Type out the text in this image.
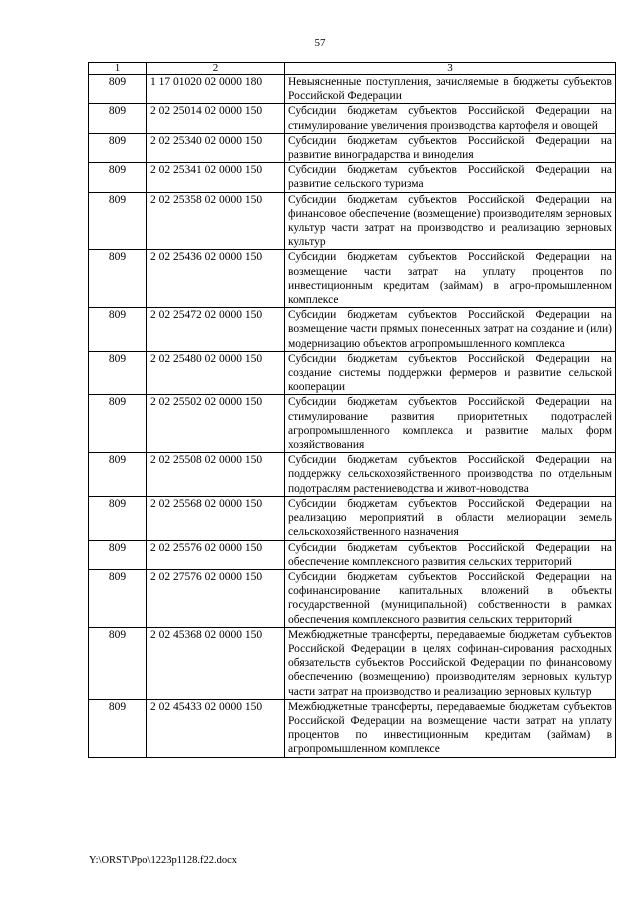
57
1	2	3
809	1 17 01020 02 0000 180	Невыясненные поступления, зачисляемые в бюджеты субъектов Российской Федерации
809	2 02 25014 02 0000 150	Субсидии бюджетам субъектов Российской Федерации на стимулирование увеличения производства картофеля и овощей
809	2 02 25340 02 0000 150	Субсидии бюджетам субъектов Российской Федерации на развитие виноградарства и виноделия
809	2 02 25341 02 0000 150	Субсидии бюджетам субъектов Российской Федерации на развитие сельского туризма
809	2 02 25358 02 0000 150	Субсидии бюджетам субъектов Российской Федерации на финансовое обеспечение (возмещение) производителям зерновых культур части затрат на производство и реализацию зерновых культур
809	2 02 25436 02 0000 150	Субсидии бюджетам субъектов Российской Федерации на возмещение части затрат на уплату процентов по инвестиционным кредитам (займам) в агро-промышленном комплексе
809	2 02 25472 02 0000 150	Субсидии бюджетам субъектов Российской Федерации на возмещение части прямых понесенных затрат на создание и (или) модернизацию объектов агропромышленного комплекса
809	2 02 25480 02 0000 150	Субсидии бюджетам субъектов Российской Федерации на создание системы поддержки фермеров и развитие сельской кооперации
809	2 02 25502 02 0000 150	Субсидии бюджетам субъектов Российской Федерации на стимулирование развития приоритетных подотраслей агропромышленного комплекса и развитие малых форм хозяйствования
809	2 02 25508 02 0000 150	Субсидии бюджетам субъектов Российской Федерации на поддержку сельскохозяйственного производства по отдельным подотраслям растениеводства и живот-новодства
809	2 02 25568 02 0000 150	Субсидии бюджетам субъектов Российской Федерации на реализацию мероприятий в области мелиорации земель сельскохозяйственного назначения
809	2 02 25576 02 0000 150	Субсидии бюджетам субъектов Российской Федерации на обеспечение комплексного развития сельских территорий
809	2 02 27576 02 0000 150	Субсидии бюджетам субъектов Российской Федерации на софинансирование капитальных вложений в объекты государственной (муниципальной) собственности в рамках обеспечения комплексного развития сельских территорий
809	2 02 45368 02 0000 150	Межбюджетные трансферты, передаваемые бюджетам субъектов Российской Федерации в целях софинан-сирования расходных обязательств субъектов Российской Федерации по финансовому обеспечению (возмещению) производителям зерновых культур части затрат на производство и реализацию зерновых культур
809	2 02 45433 02 0000 150	Межбюджетные трансферты, передаваемые бюджетам субъектов Российской Федерации на возмещение части затрат на уплату процентов по инвестиционным кредитам (займам) в агропромышленном комплексе
Y:\ORST\Ppo\1223p1128.f22.docx
